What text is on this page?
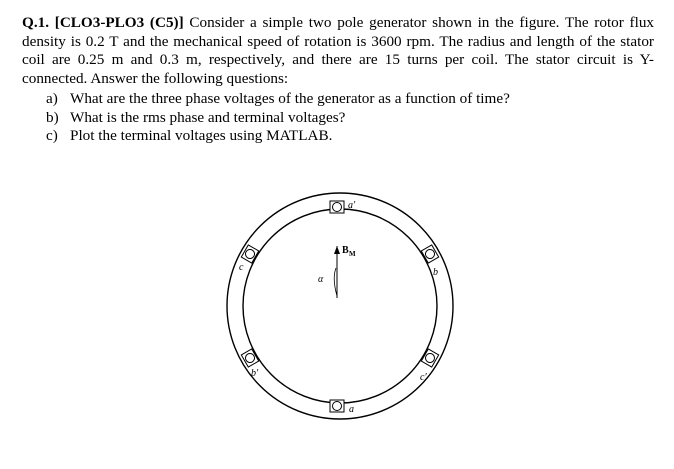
Q.1. [CLO3-PLO3 (C5)] Consider a simple two pole generator shown in the figure. The rotor flux density is 0.2 T and the mechanical speed of rotation is 3600 rpm. The radius and length of the stator coil are 0.25 m and 0.3 m, respectively, and there are 15 turns per coil. The stator circuit is Y-connected. Answer the following questions:
a) What are the three phase voltages of the generator as a function of time?
b) What is the rms phase and terminal voltages?
c) Plot the terminal voltages using MATLAB.
a′
a
b
b′
c
c′
α
B M
